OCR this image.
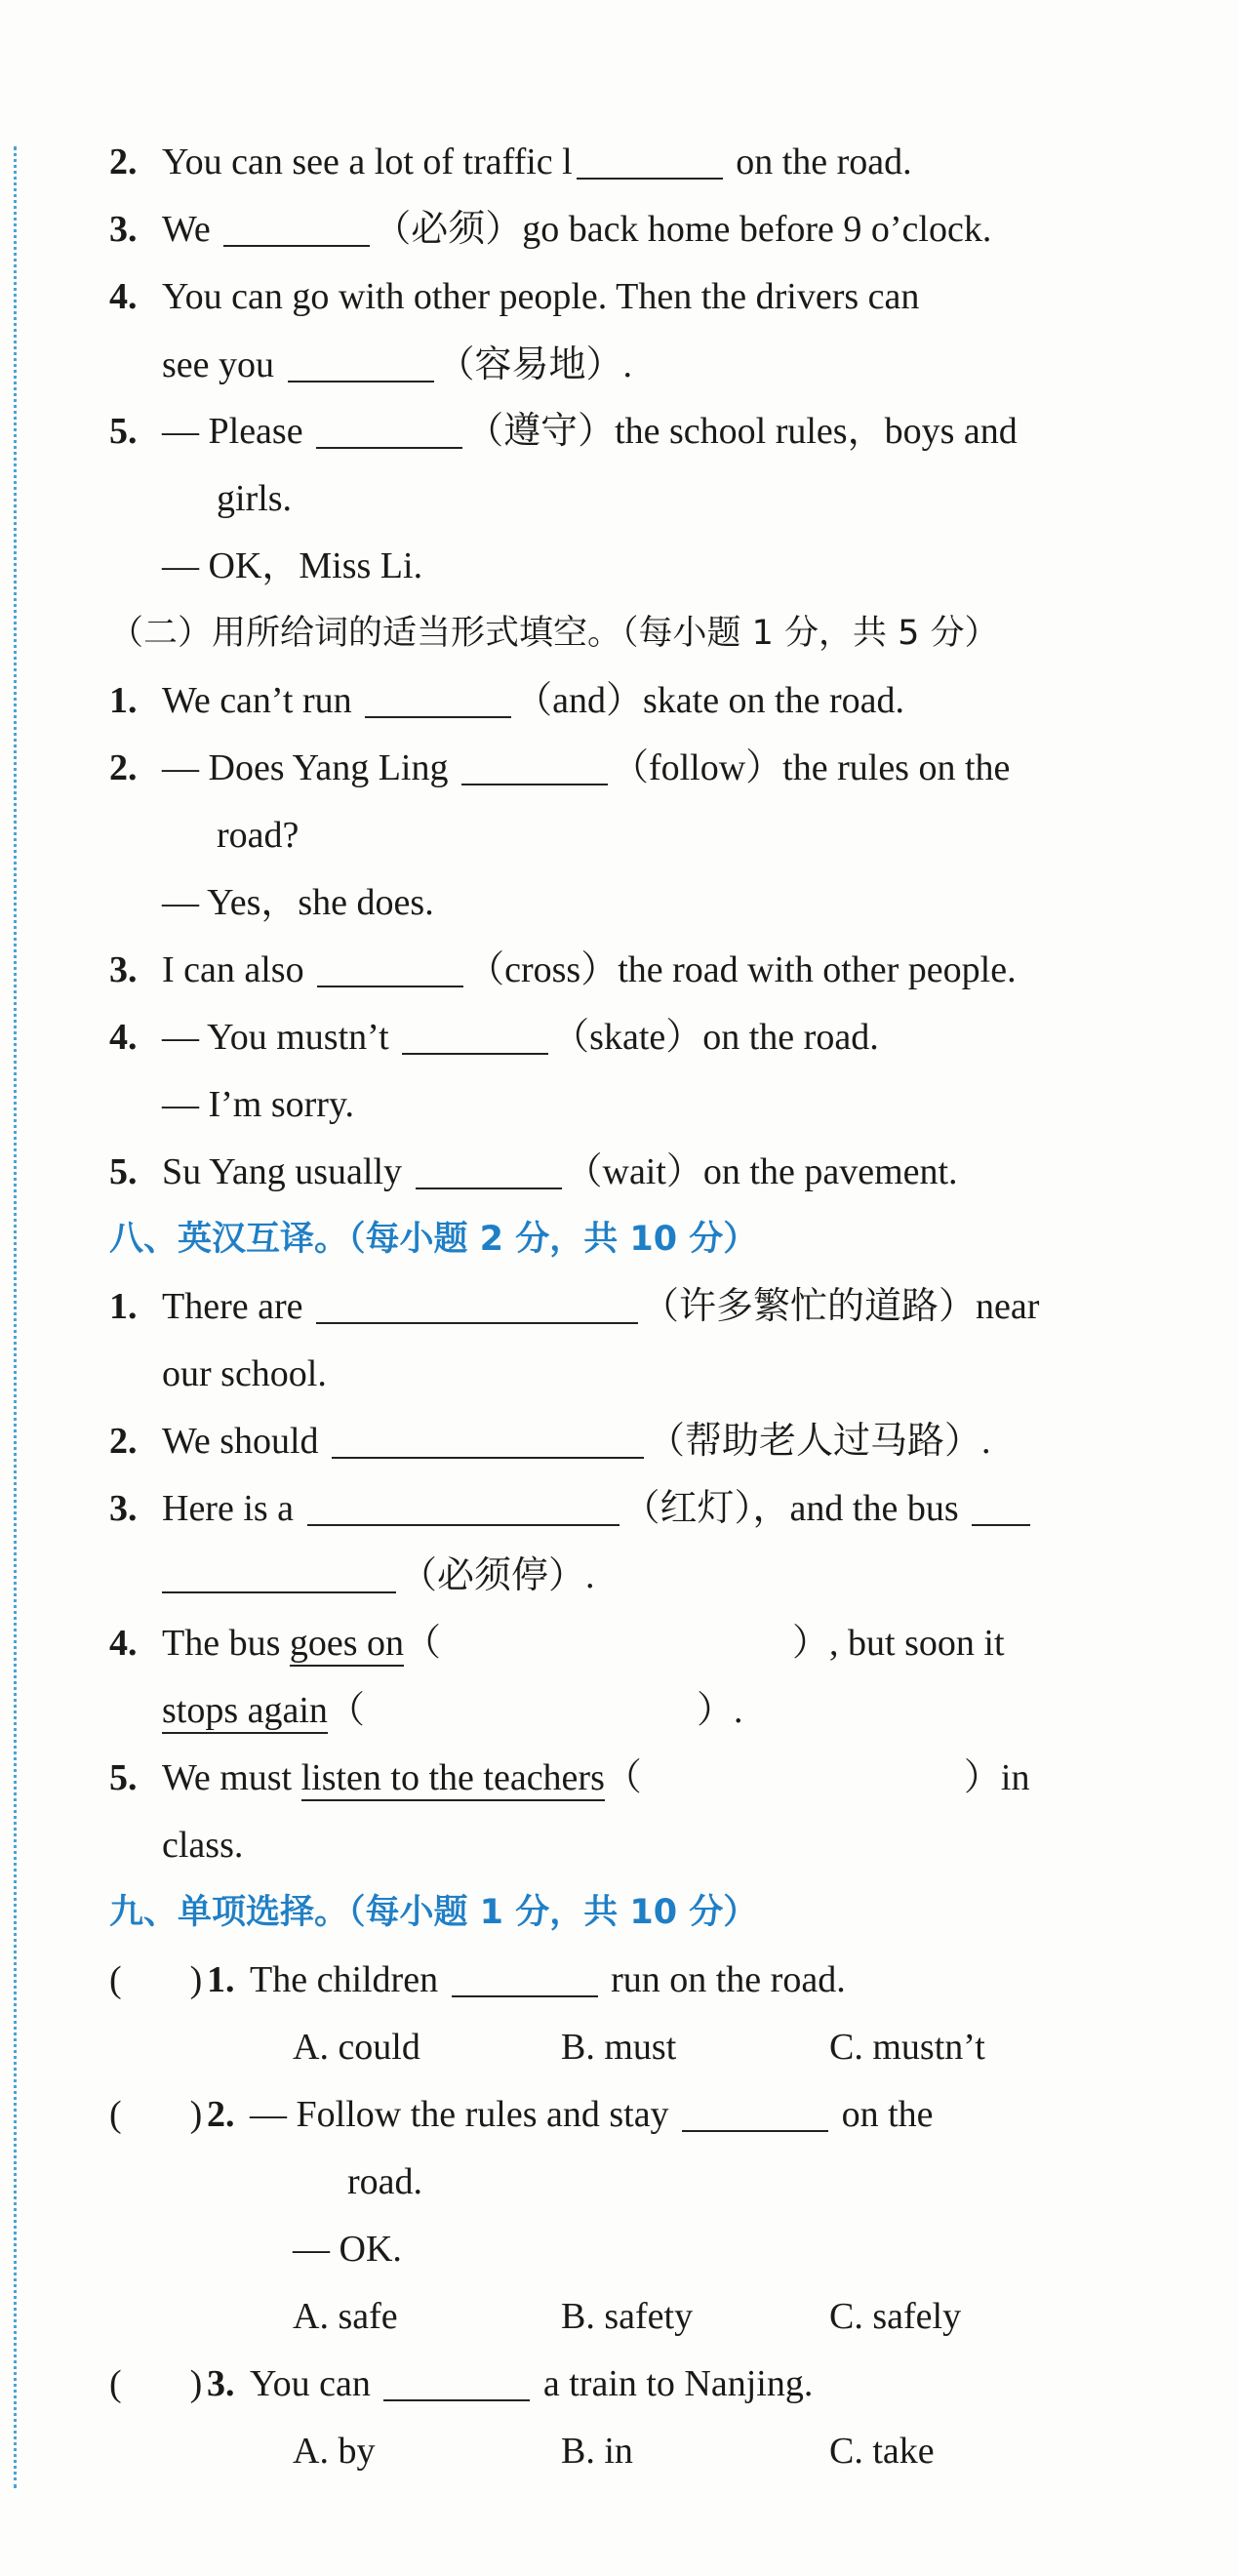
2. You can see a lot of traffic l	on the road.
3. We	（必须）go back home before 9 o’clock.
4. You can go with other people. Then the drivers can
see you	（容易地）.
5. — Please	（遵守）the school rules，boys and
girls.
— OK，Miss Li.
（二）用所给词的适当形式填空。（每小题 1 分，共 5 分）
1. We can’t run	（and）skate on the road.
2. — Does Yang Ling	（follow）the rules on the
road?
— Yes，she does.
3. I can also	（cross）the road with other people.
4. — You mustn’t	（skate）on the road.
— I’m sorry.
5. Su Yang usually	（wait）on the pavement.
八、英汉互译。（每小题 2 分，共 10 分）
1. There are	（许多繁忙的道路）near
our school.
2. We should	（帮助老人过马路）.
3. Here is a	（红灯），and the bus
（必须停）.
4. The bus goes on（	）, but soon it
stops again（	）.
5. We must listen to the teachers（	）in
class.
九、单项选择。（每小题 1 分，共 10 分）
( ) 1. The children	run on the road.
A. could	B. must	C. mustn’t
( ) 2. — Follow the rules and stay	on the
road.
— OK.
A. safe	B. safety	C. safely
( ) 3. You can	a train to Nanjing.
A. by	B. in	C. take
